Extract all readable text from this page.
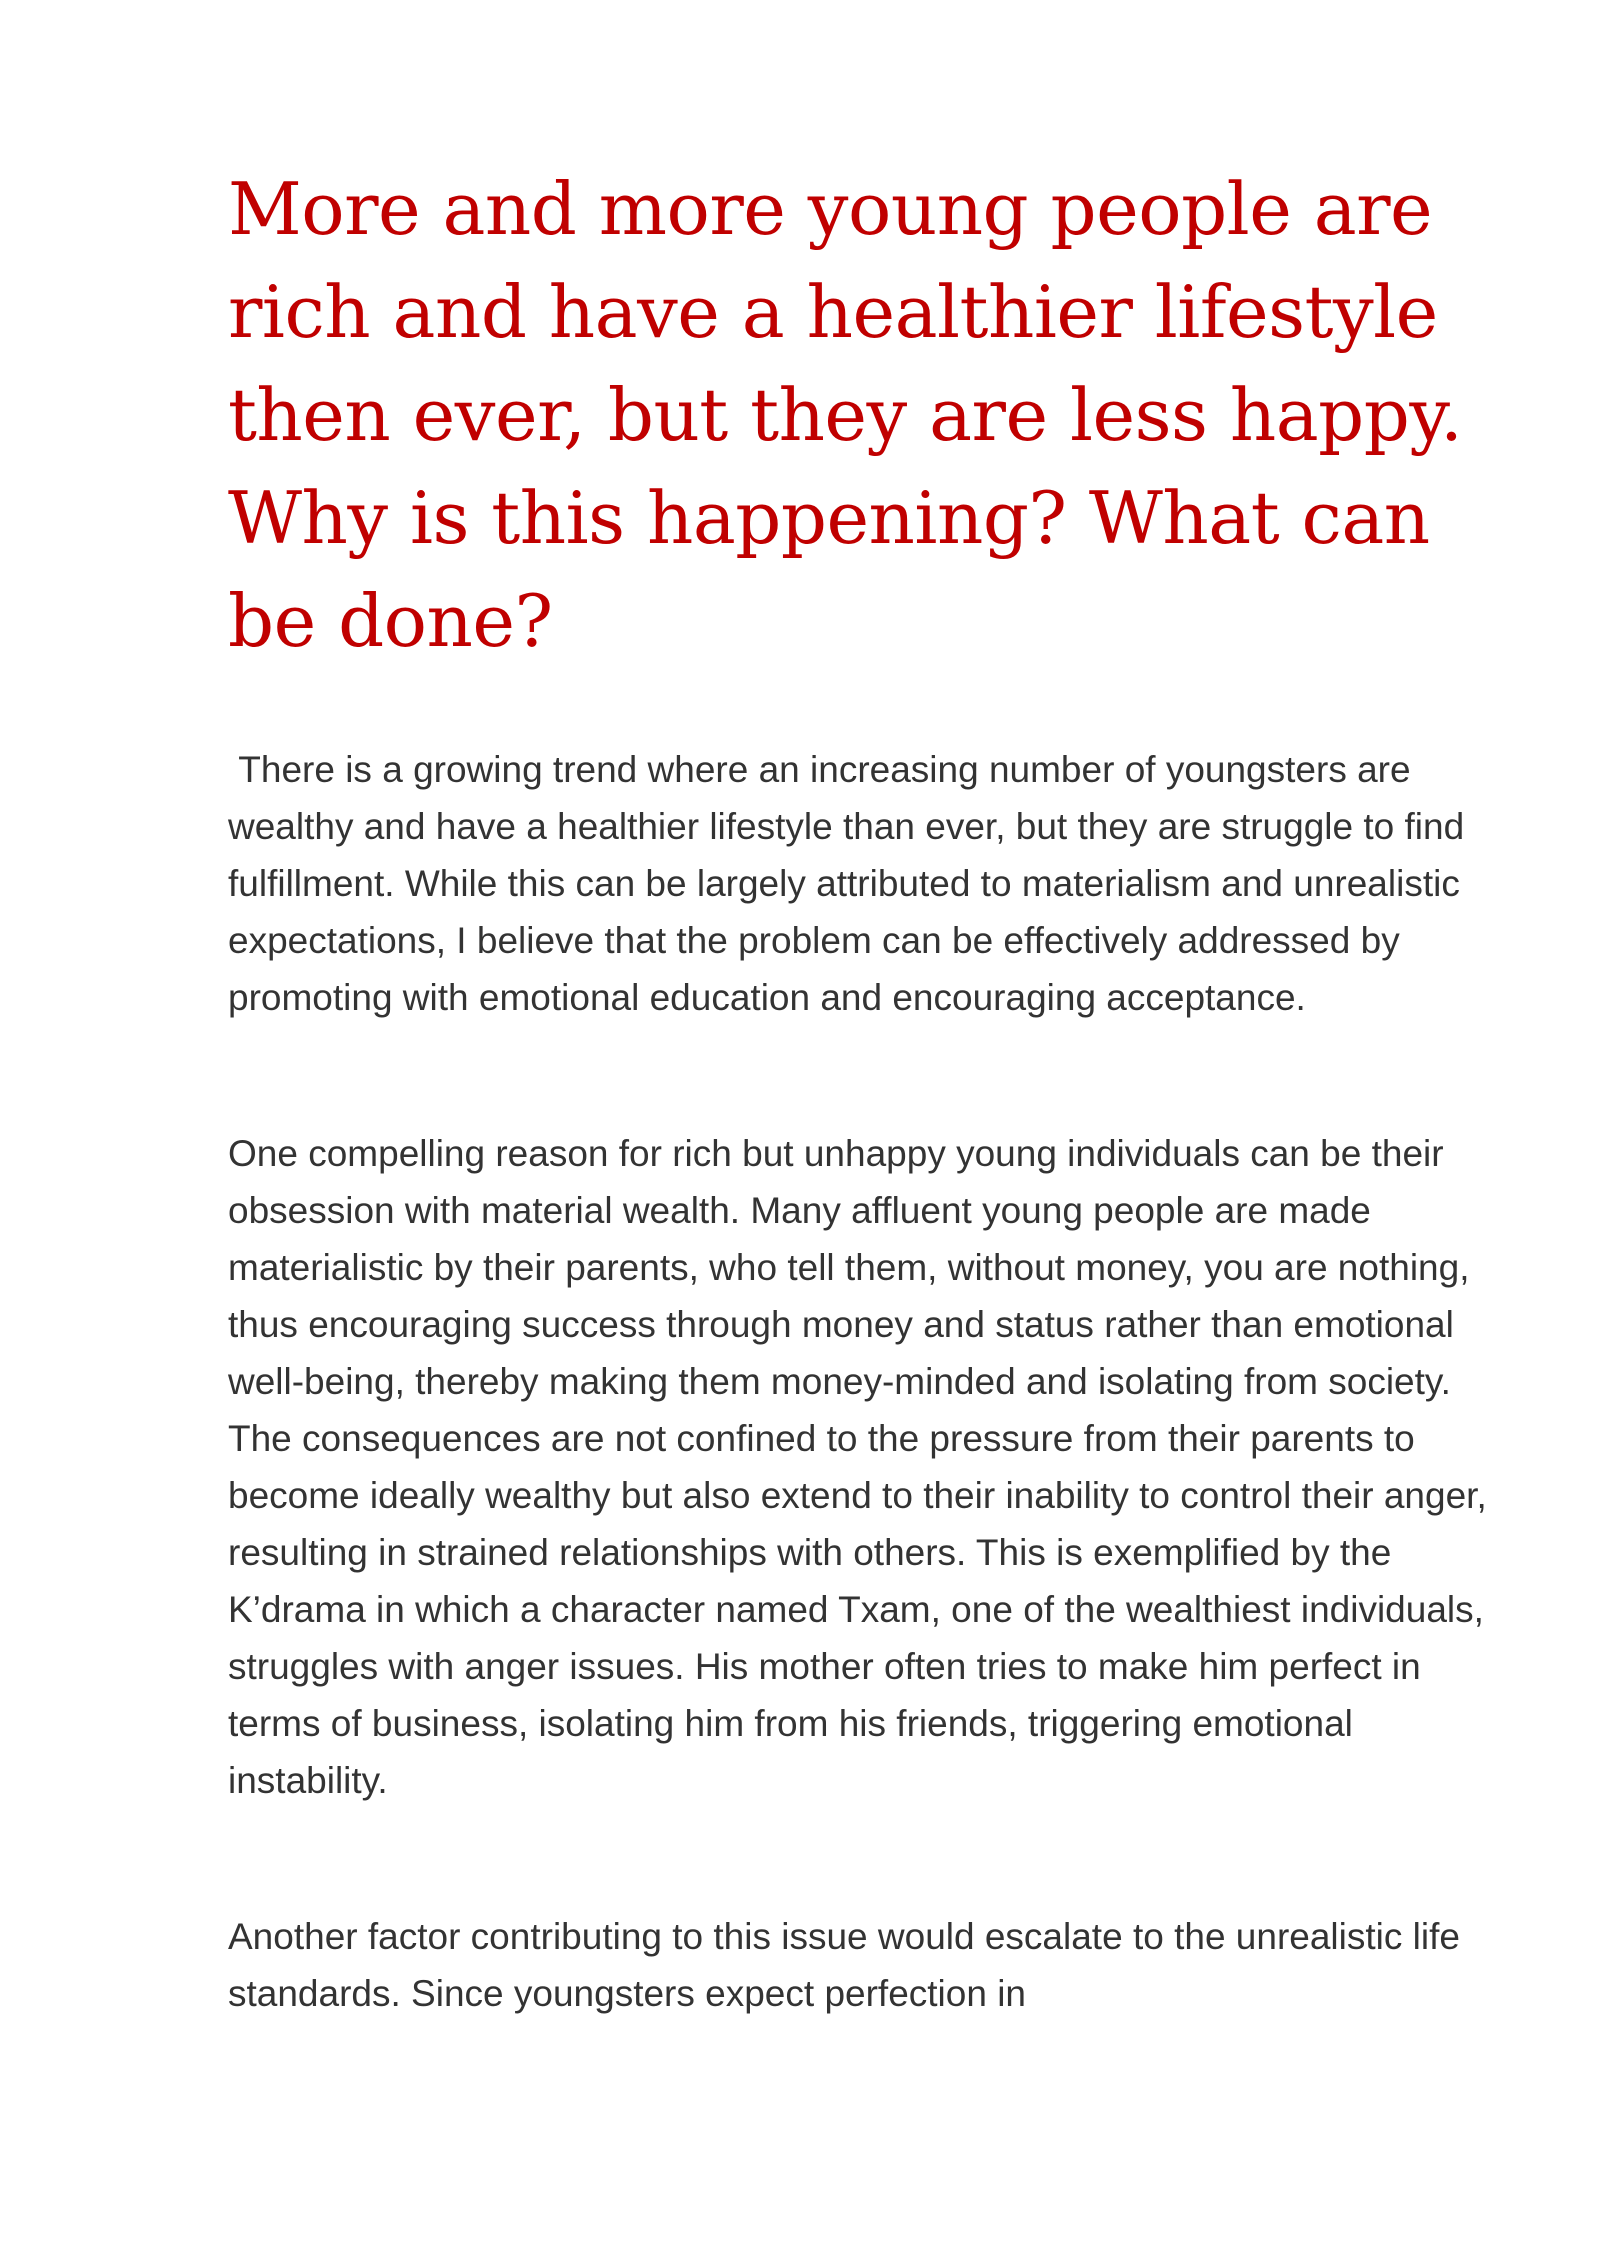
More and more young people are rich and have a healthier lifestyle then ever, but they are less happy. Why is this happening? What can be done?

There is a growing trend where an increasing number of youngsters are wealthy and have a healthier lifestyle than ever, but they are struggle to find fulfillment. While this can be largely attributed to materialism and unrealistic expectations, I believe that the problem can be effectively addressed by promoting with emotional education and encouraging acceptance.

One compelling reason for rich but unhappy young individuals can be their obsession with material wealth. Many affluent young people are made materialistic by their parents, who tell them, without money, you are nothing, thus encouraging success through money and status rather than emotional well-being, thereby making them money-minded and isolating from society. The consequences are not confined to the pressure from their parents to become ideally wealthy but also extend to their inability to control their anger, resulting in strained relationships with others. This is exemplified by the K’drama in which a character named Txam, one of the wealthiest individuals, struggles with anger issues. His mother often tries to make him perfect in terms of business, isolating him from his friends, triggering emotional instability.

Another factor contributing to this issue would escalate to the unrealistic life standards. Since youngsters expect perfection in
